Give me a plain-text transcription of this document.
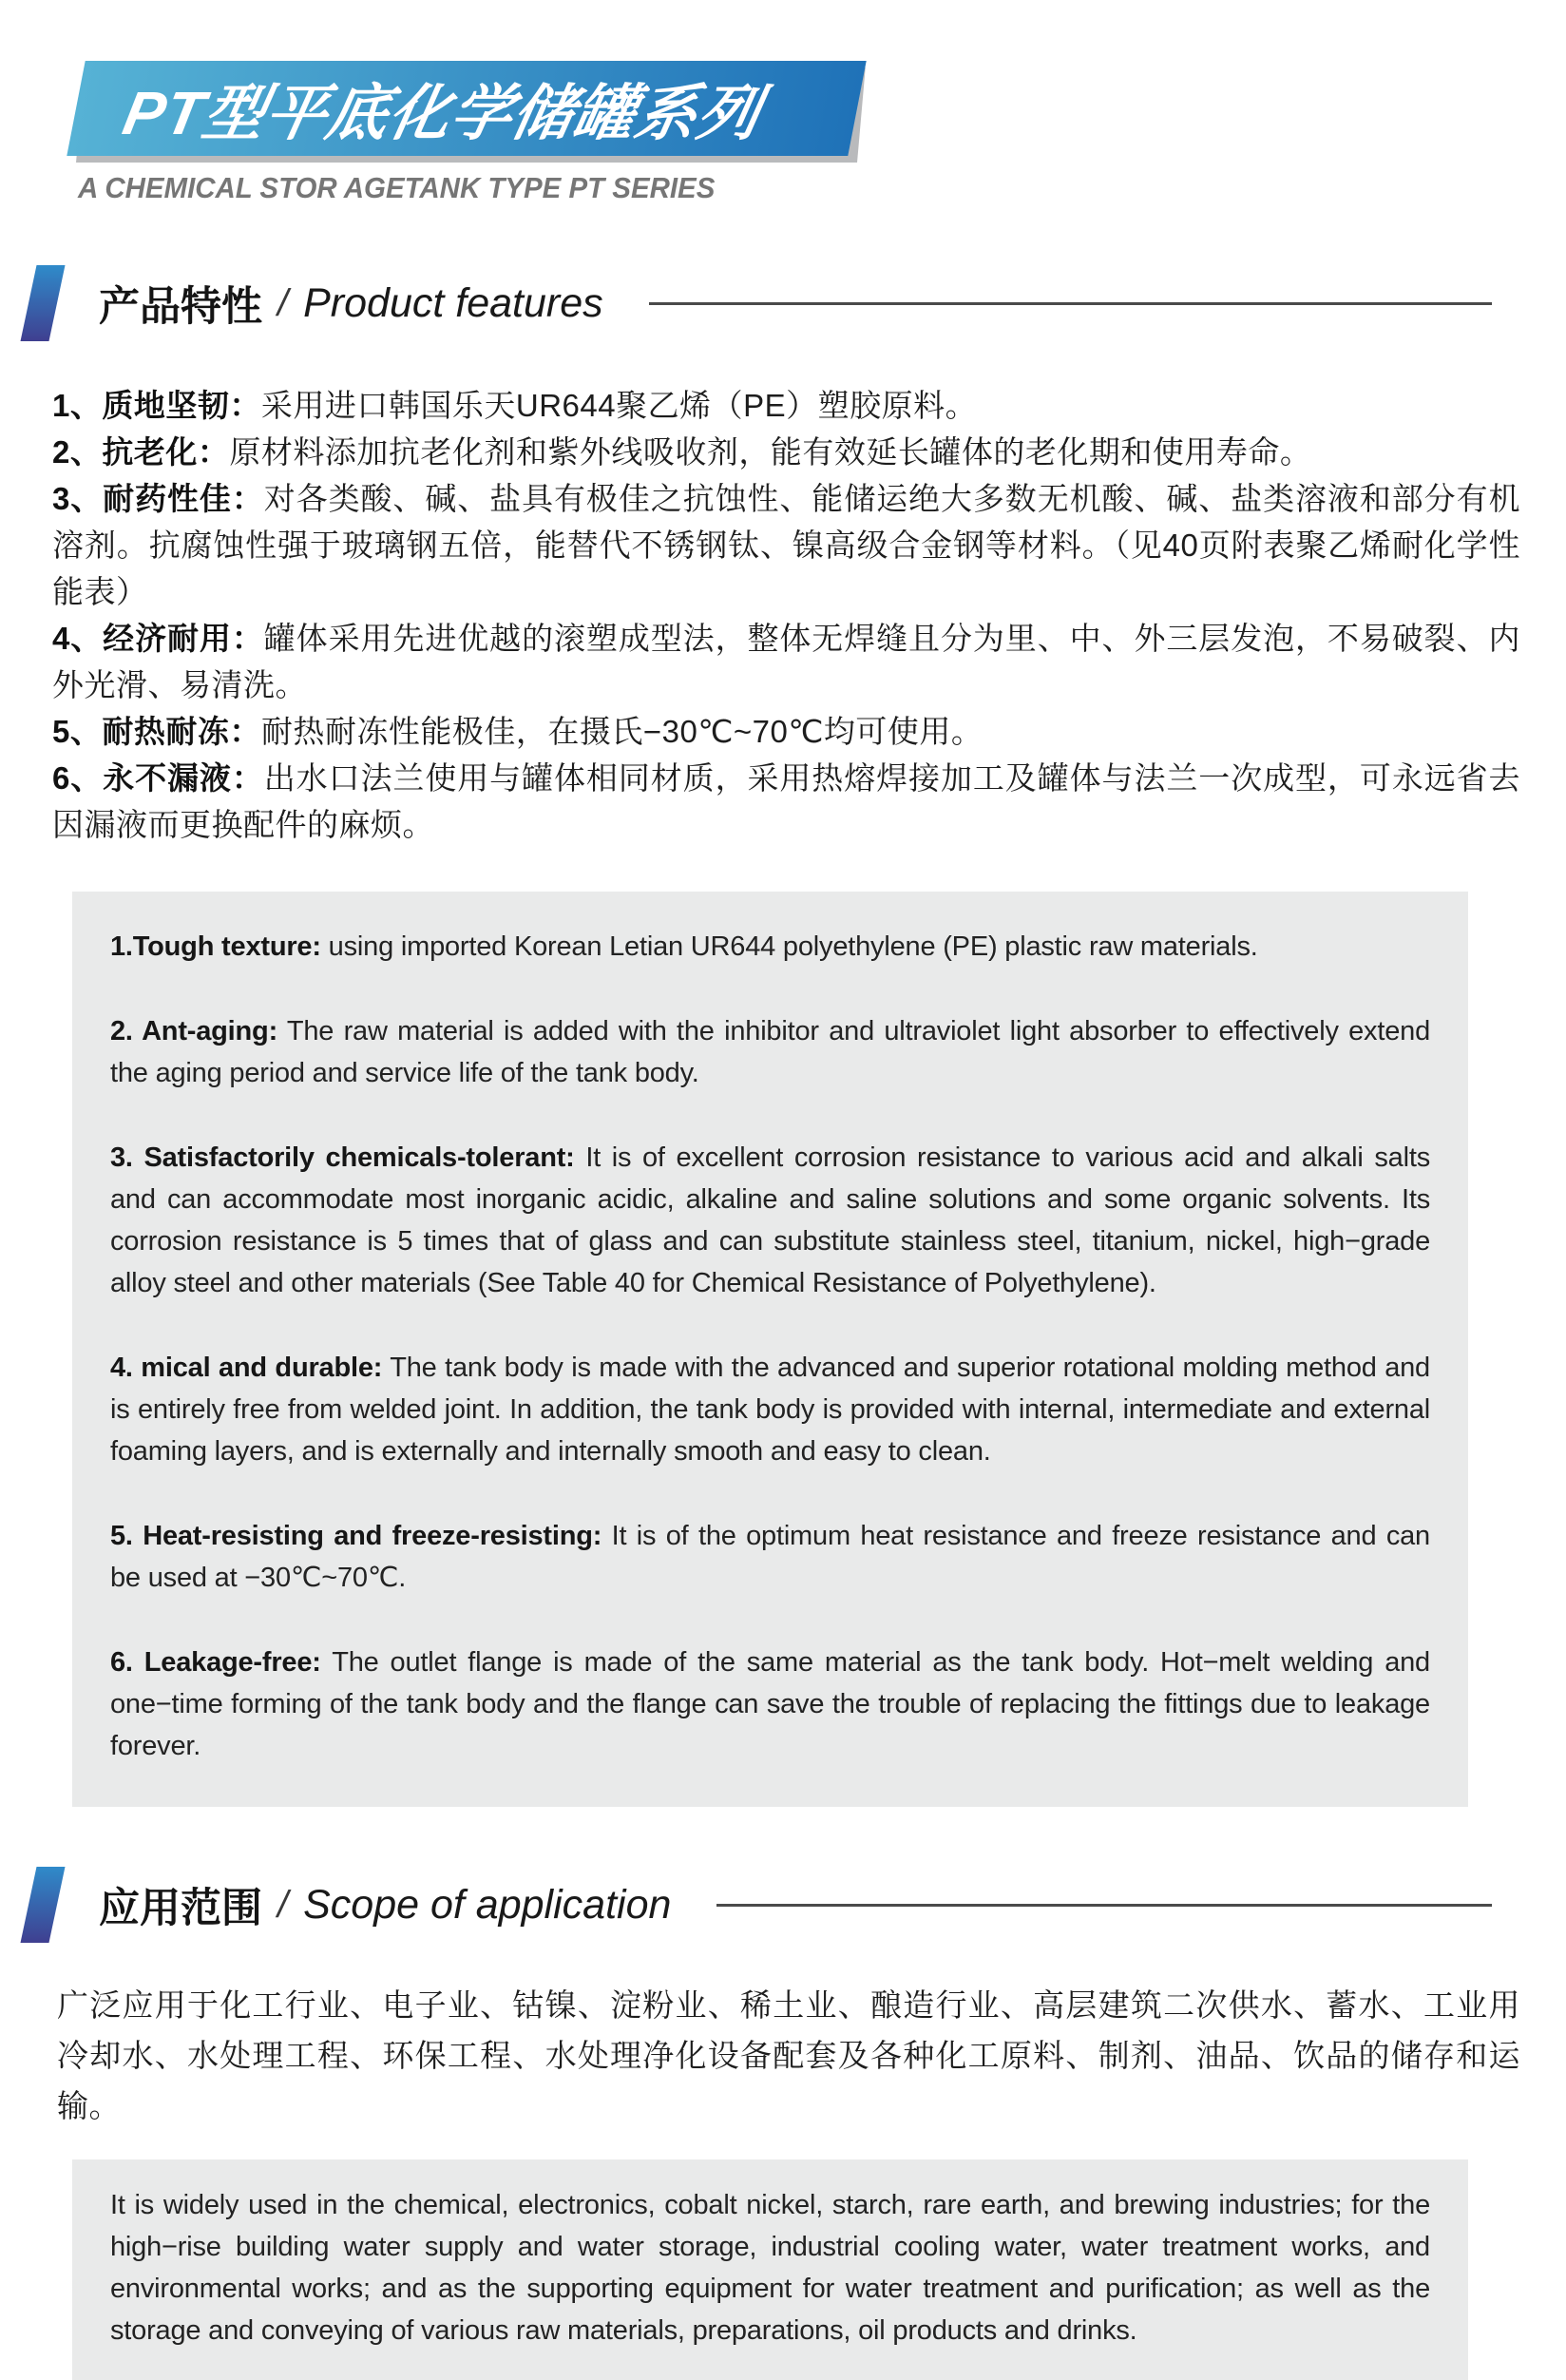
PT型平底化学储罐系列
A CHEMICAL STOR AGETANK TYPE PT SERIES
产品特性 / Product features
1、质地坚韧：采用进口韩国乐天UR644聚乙烯（PE）塑胶原料。
2、抗老化：原材料添加抗老化剂和紫外线吸收剂，能有效延长罐体的老化期和使用寿命。
3、耐药性佳：对各类酸、碱、盐具有极佳之抗蚀性、能储运绝大多数无机酸、碱、盐类溶液和部分有机溶剂。抗腐蚀性强于玻璃钢五倍，能替代不锈钢钛、镍高级合金钢等材料。（见40页附表聚乙烯耐化学性能表）
4、经济耐用：罐体采用先进优越的滚塑成型法，整体无焊缝且分为里、中、外三层发泡，不易破裂、内外光滑、易清洗。
5、耐热耐冻：耐热耐冻性能极佳，在摄氏−30℃~70℃均可使用。
6、永不漏液：出水口法兰使用与罐体相同材质，采用热熔焊接加工及罐体与法兰一次成型，可永远省去因漏液而更换配件的麻烦。

1.Tough texture: using imported Korean Letian UR644 polyethylene (PE) plastic raw materials.

2. Ant-aging: The raw material is added with the inhibitor and ultraviolet light absorber to effectively extend the aging period and service life of the tank body.

3. Satisfactorily chemicals-tolerant: It is of excellent corrosion resistance to various acid and alkali salts and can accommodate most inorganic acidic, alkaline and saline solutions and some organic solvents. Its corrosion resistance is 5 times that of glass and can substitute stainless steel, titanium, nickel, high−grade alloy steel and other materials (See Table 40 for Chemical Resistance of Polyethylene).

4. mical and durable: The tank body is made with the advanced and superior rotational molding method and is entirely free from welded joint. In addition, the tank body is provided with internal, intermediate and external foaming layers, and is externally and internally smooth and easy to clean.

5. Heat-resisting and freeze-resisting: It is of the optimum heat resistance and freeze resistance and can be used at −30℃~70℃.

6. Leakage-free: The outlet flange is made of the same material as the tank body. Hot−melt welding and one−time forming of the tank body and the flange can save the trouble of replacing the fittings due to leakage forever.

应用范围 / Scope of application

广泛应用于化工行业、电子业、钴镍、淀粉业、稀土业、酿造行业、高层建筑二次供水、蓄水、工业用冷却水、水处理工程、环保工程、水处理净化设备配套及各种化工原料、制剂、油品、饮品的储存和运输。

It is widely used in the chemical, electronics, cobalt nickel, starch, rare earth, and brewing industries; for the high−rise building water supply and water storage, industrial cooling water, water treatment works, and environmental works; and as the supporting equipment for water treatment and purification; as well as the storage and conveying of various raw materials, preparations, oil products and drinks.
